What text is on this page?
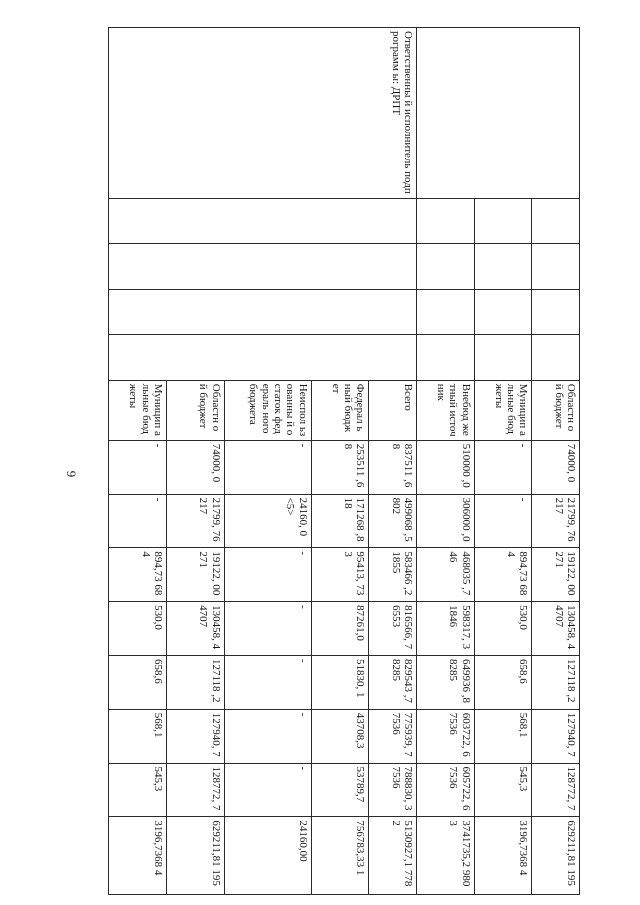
6
					Областн ой бюджет	74000, 0	21799, 76217	19122, 00271	130458, 44707	127118 ,2	127940, 7	128772, 7	629211,81 195
					Муницип альные бюджеты	-	-	894,73 684	530,0	658,6	568,1	545,3	3196,7368 4
					Внебюд жетный источник	510000 ,0	306000 ,0	468035 ,746	598317, 31846	649936 ,88285	603722, 67536	605722, 67536	3741735,2 9803
Ответственны й исполнитель подпрограмм ы: ДРПТ					Всего	837511 ,68	499068 ,5802	583466 ,21855	816566, 76553	829543 ,78285	775939, 77536	788830, 37536	5130927,1 7782
					Федерал ьный бюджет	253511 ,68	171268 ,818	95413, 733	87261,0	51830, 1	43708,3	53789,7	756783,33 1
					Неиспол ьзованны й остаток федераль ного бюджета	-	24160, 0 <5>	-	-	-	-	-	24160,00
					Областн ой бюджет	74000, 0	21799, 76217	19122, 00271	130458, 44707	127118 ,2	127940, 7	128772, 7	629211,81 195
					Муницип альные бюджеты	-	-	894,73 684	530,0	658,6	568,1	545,3	3196,7368 4
